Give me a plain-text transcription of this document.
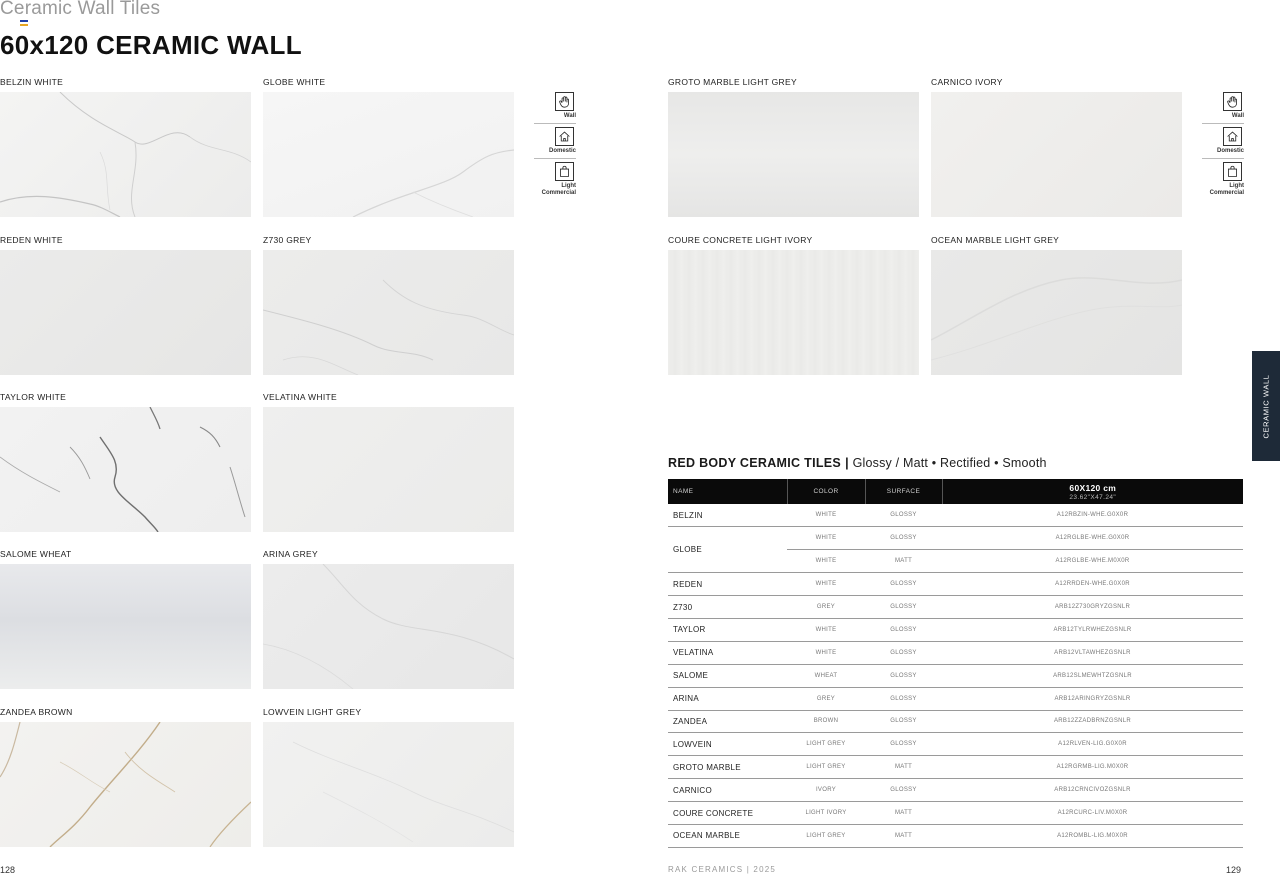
Ceramic Wall Tiles
60x120 CERAMIC WALL
BELZIN WHITE	GLOBE WHITE
REDEN WHITE	Z730 GREY
TAYLOR WHITE	VELATINA WHITE
SALOME WHEAT	ARINA GREY
ZANDEA BROWN	LOWVEIN LIGHT GREY
Wall
Domestic
Light
Commercial
GROTO MARBLE LIGHT GREY	CARNICO IVORY
COURE CONCRETE LIGHT IVORY	OCEAN MARBLE LIGHT GREY
Wall
Domestic
Light
Commercial
CERAMIC WALL
RED BODY CERAMIC TILES | Glossy / Matt • Rectified • Smooth
NAME	COLOR	SURFACE	60X120 cm
23.62"X47.24"

BELZIN	WHITE	GLOSSY	A12RBZIN-WHE.G0X0R
GLOBE	WHITE	GLOSSY	A12RGLBE-WHE.G0X0R
	WHITE	MATT	A12RGLBE-WHE.M0X0R
REDEN	WHITE	GLOSSY	A12RRDEN-WHE.G0X0R
Z730	GREY	GLOSSY	ARB12Z730GRYZGSNLR
TAYLOR	WHITE	GLOSSY	ARB12TYLRWHEZGSNLR
VELATINA	WHITE	GLOSSY	ARB12VLTAWHEZGSNLR
SALOME	WHEAT	GLOSSY	ARB12SLMEWHTZGSNLR
ARINA	GREY	GLOSSY	ARB12ARINGRYZGSNLR
ZANDEA	BROWN	GLOSSY	ARB12ZZADBRNZGSNLR
LOWVEIN	LIGHT GREY	GLOSSY	A12RLVEN-LIG.G0X0R
GROTO MARBLE	LIGHT GREY	MATT	A12RGRMB-LIG.M0X0R
CARNICO	IVORY	GLOSSY	ARB12CRNCIVOZGSNLR
COURE CONCRETE	LIGHT IVORY	MATT	A12RCURC-LIV.M0X0R
OCEAN MARBLE	LIGHT GREY	MATT	A12ROMBL-LIG.M0X0R
128	RAK CERAMICS | 2025	129
